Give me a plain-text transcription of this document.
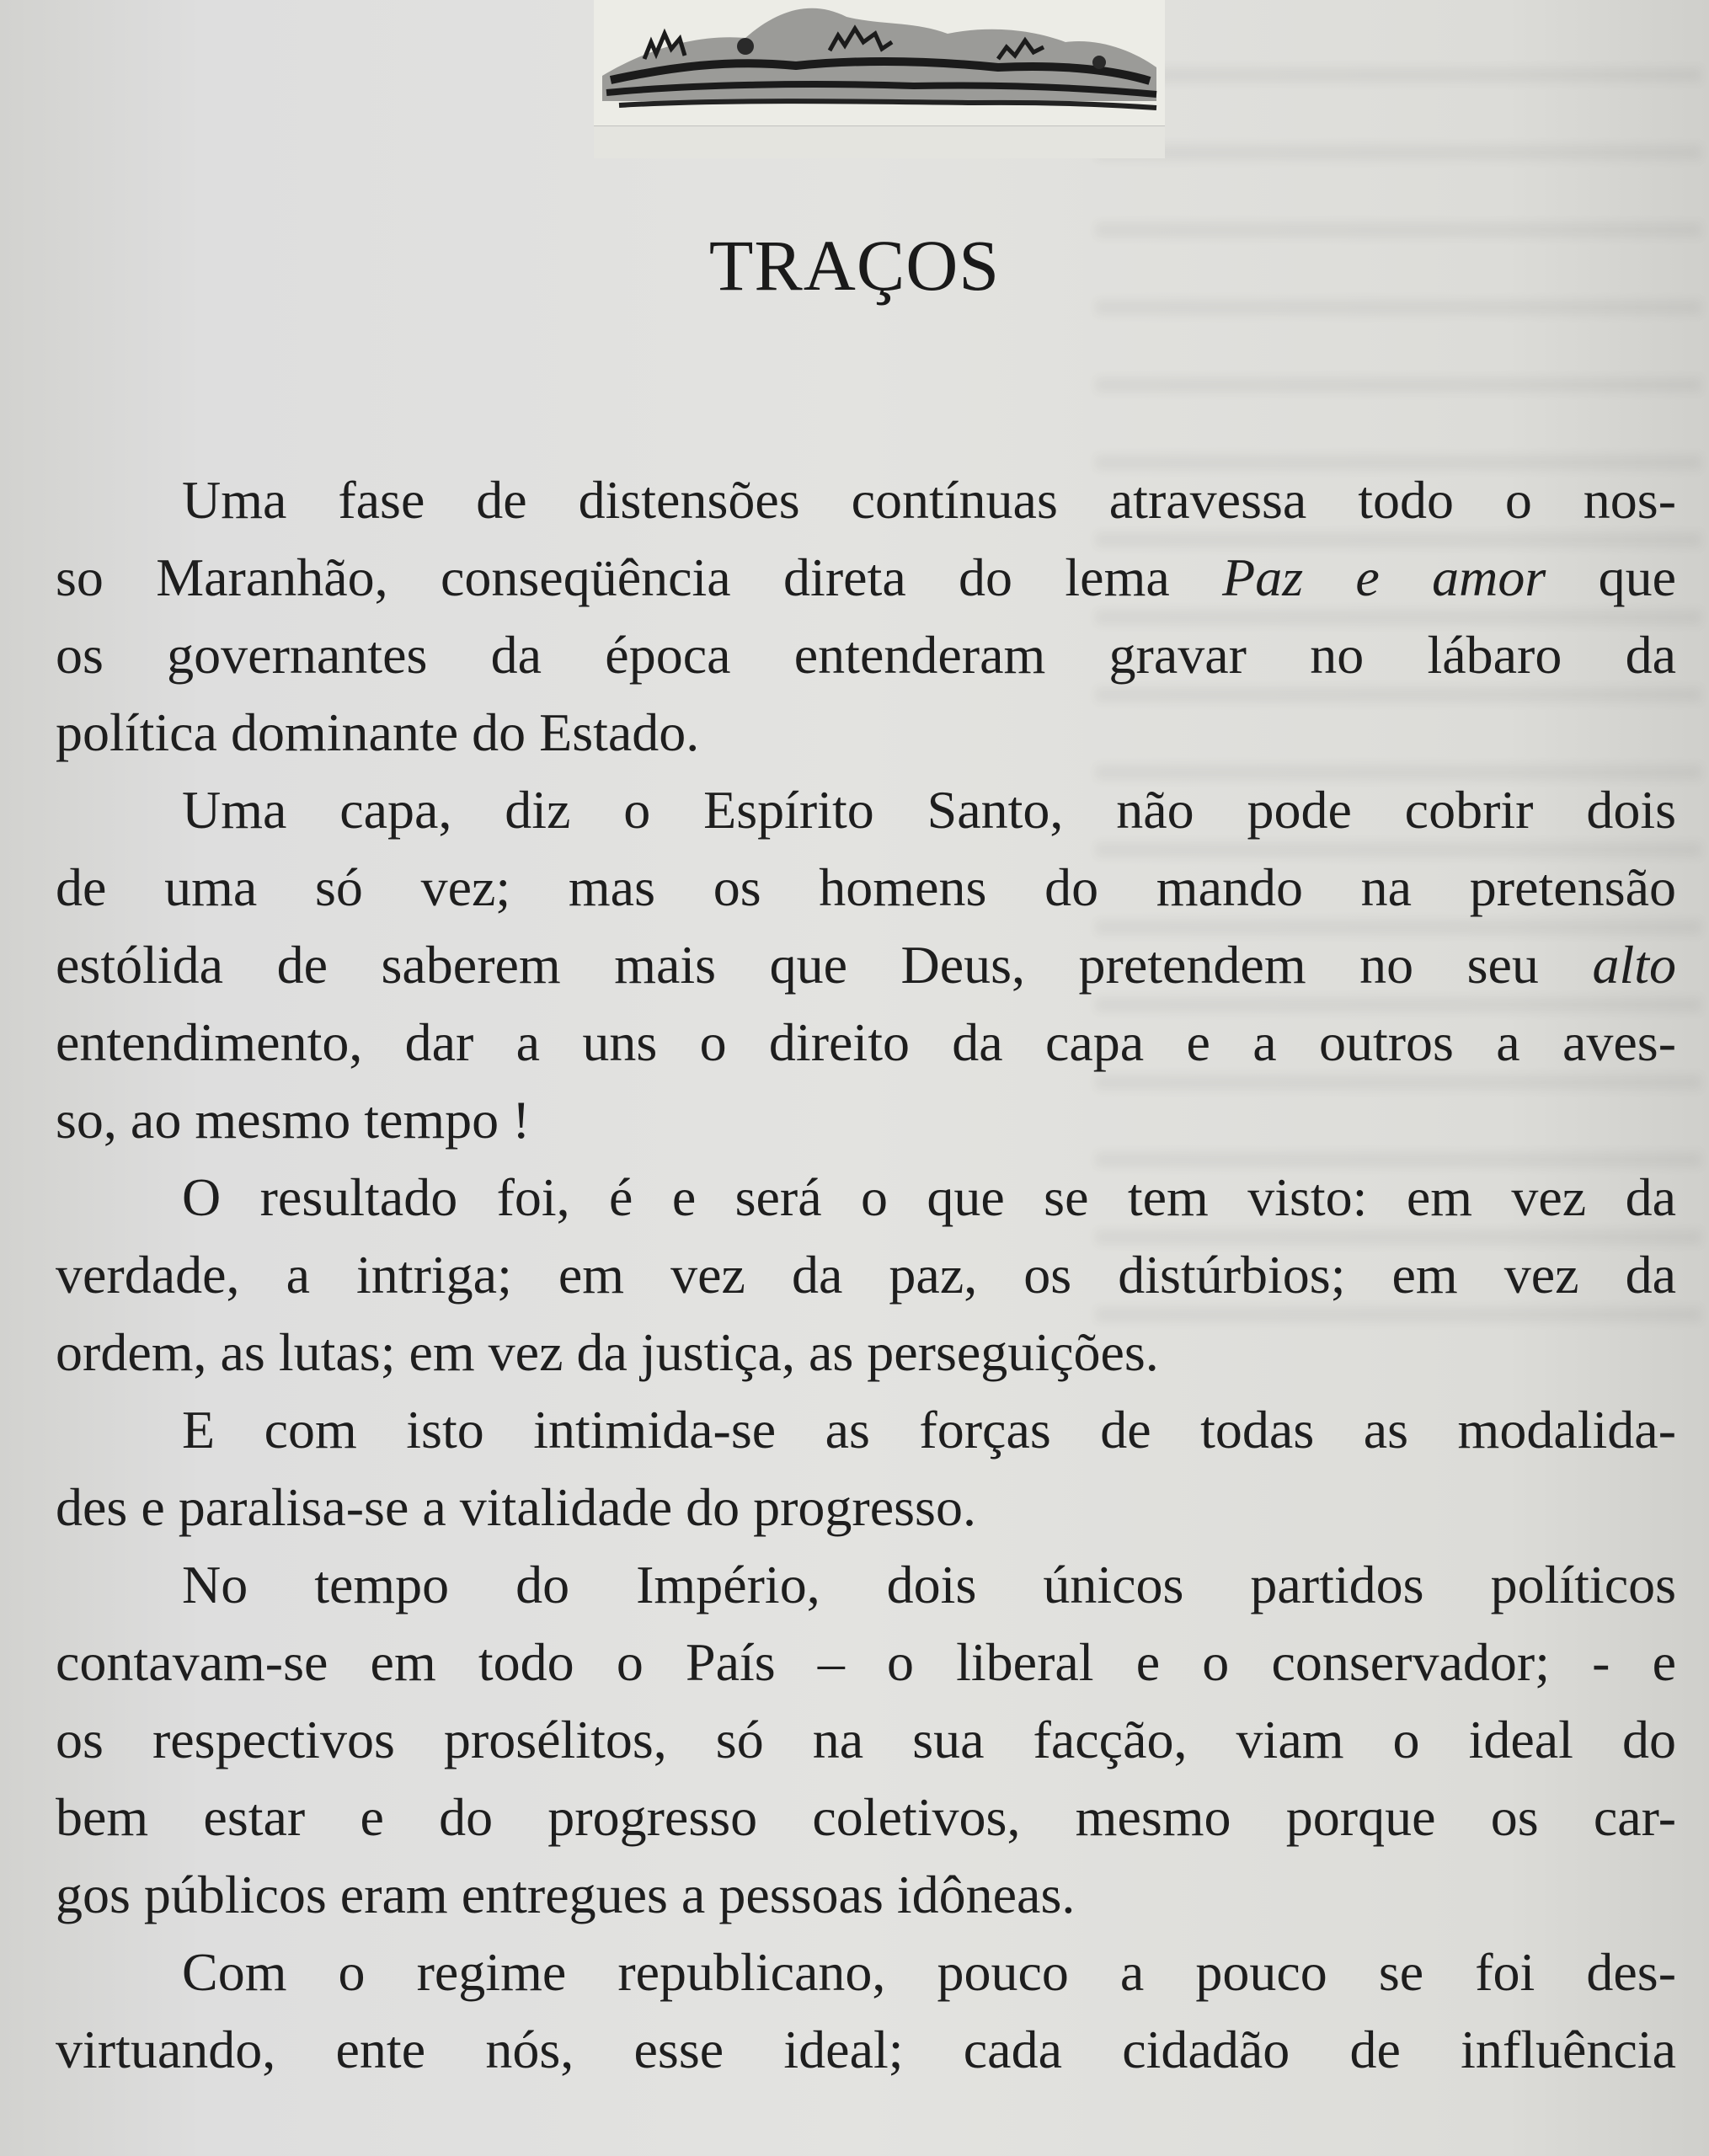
TRAÇOS
Uma fase de distensões contínuas atravessa todo o nos-
so Maranhão, conseqüência direta do lema Paz e amor que
os governantes da época entenderam gravar no lábaro da
política dominante do Estado.
Uma capa, diz o Espírito Santo, não pode cobrir dois
de uma só vez; mas os homens do mando na pretensão
estólida de saberem mais que Deus, pretendem no seu alto
entendimento, dar a uns o direito da capa e a outros a aves-
so, ao mesmo tempo !
O resultado foi, é e será o que se tem visto: em vez da
verdade, a intriga; em vez da paz, os distúrbios; em vez da
ordem, as lutas; em vez da justiça, as perseguições.
E com isto intimida-se as forças de todas as modalida-
des e paralisa-se a vitalidade do progresso.
No tempo do Império, dois únicos partidos políticos
contavam-se em todo o País – o liberal e o conservador; - e
os respectivos prosélitos, só na sua facção, viam o ideal do
bem estar e do progresso coletivos, mesmo porque os car-
gos públicos eram entregues a pessoas idôneas.
Com o regime republicano, pouco a pouco se foi des-
virtuando, ente nós, esse ideal; cada cidadão de influência
